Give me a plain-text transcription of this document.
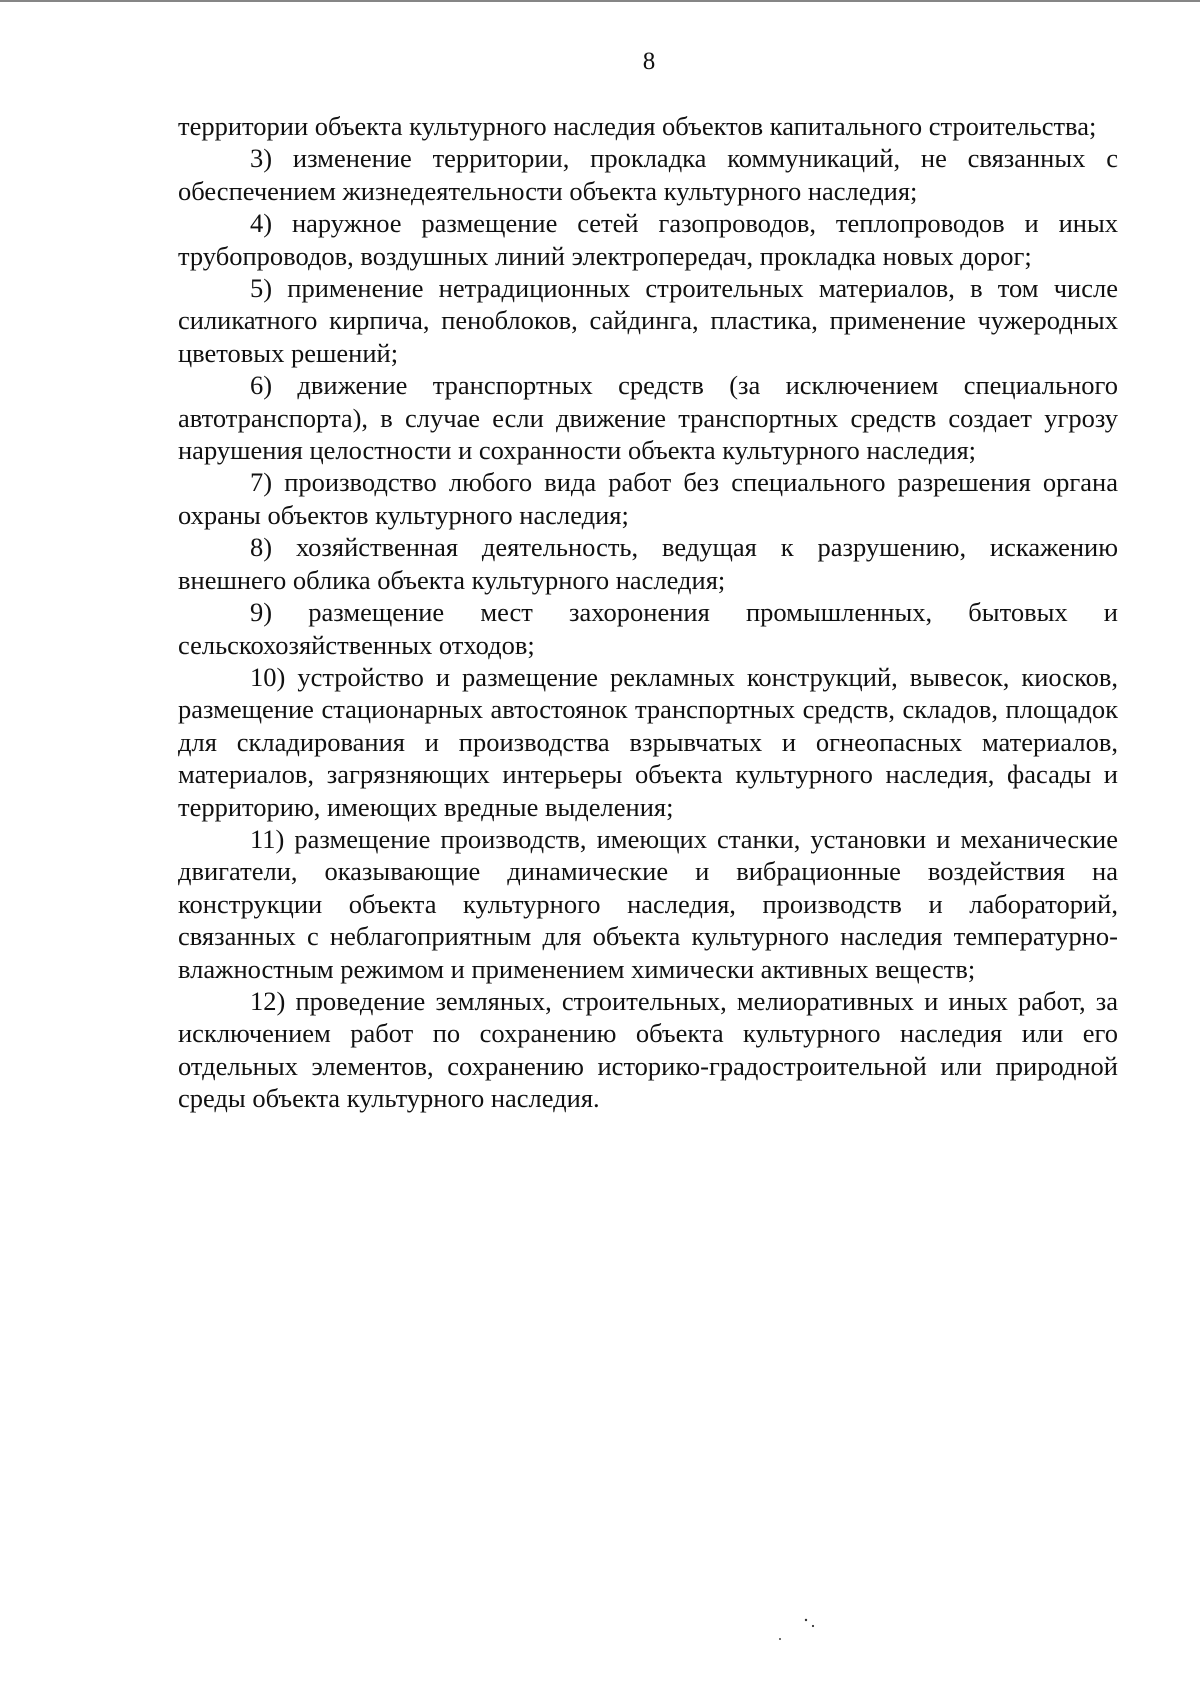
8

территории объекта культурного наследия объектов капитального строительства;

3) изменение территории, прокладка коммуникаций, не связанных с обеспечением жизнедеятельности объекта культурного наследия;

4) наружное размещение сетей газопроводов, теплопроводов и иных трубопроводов, воздушных линий электропередач, прокладка новых дорог;

5) применение нетрадиционных строительных материалов, в том числе силикатного кирпича, пеноблоков, сайдинга, пластика, применение чужеродных цветовых решений;

6) движение транспортных средств (за исключением специального автотранспорта), в случае если движение транспортных средств создает угрозу нарушения целостности и сохранности объекта культурного наследия;

7) производство любого вида работ без специального разрешения органа охраны объектов культурного наследия;

8) хозяйственная деятельность, ведущая к разрушению, искажению внешнего облика объекта культурного наследия;

9) размещение мест захоронения промышленных, бытовых и сельскохозяйственных отходов;

10) устройство и размещение рекламных конструкций, вывесок, киосков, размещение стационарных автостоянок транспортных средств, складов, площадок для складирования и производства взрывчатых и огнеопасных материалов, материалов, загрязняющих интерьеры объекта культурного наследия, фасады и территорию, имеющих вредные выделения;

11) размещение производств, имеющих станки, установки и механические двигатели, оказывающие динамические и вибрационные воздействия на конструкции объекта культурного наследия, производств и лабораторий, связанных с неблагоприятным для объекта культурного наследия температурно-влажностным режимом и применением химически активных веществ;

12) проведение земляных, строительных, мелиоративных и иных работ, за исключением работ по сохранению объекта культурного наследия или его отдельных элементов, сохранению историко-градостроительной или природной среды объекта культурного наследия.
